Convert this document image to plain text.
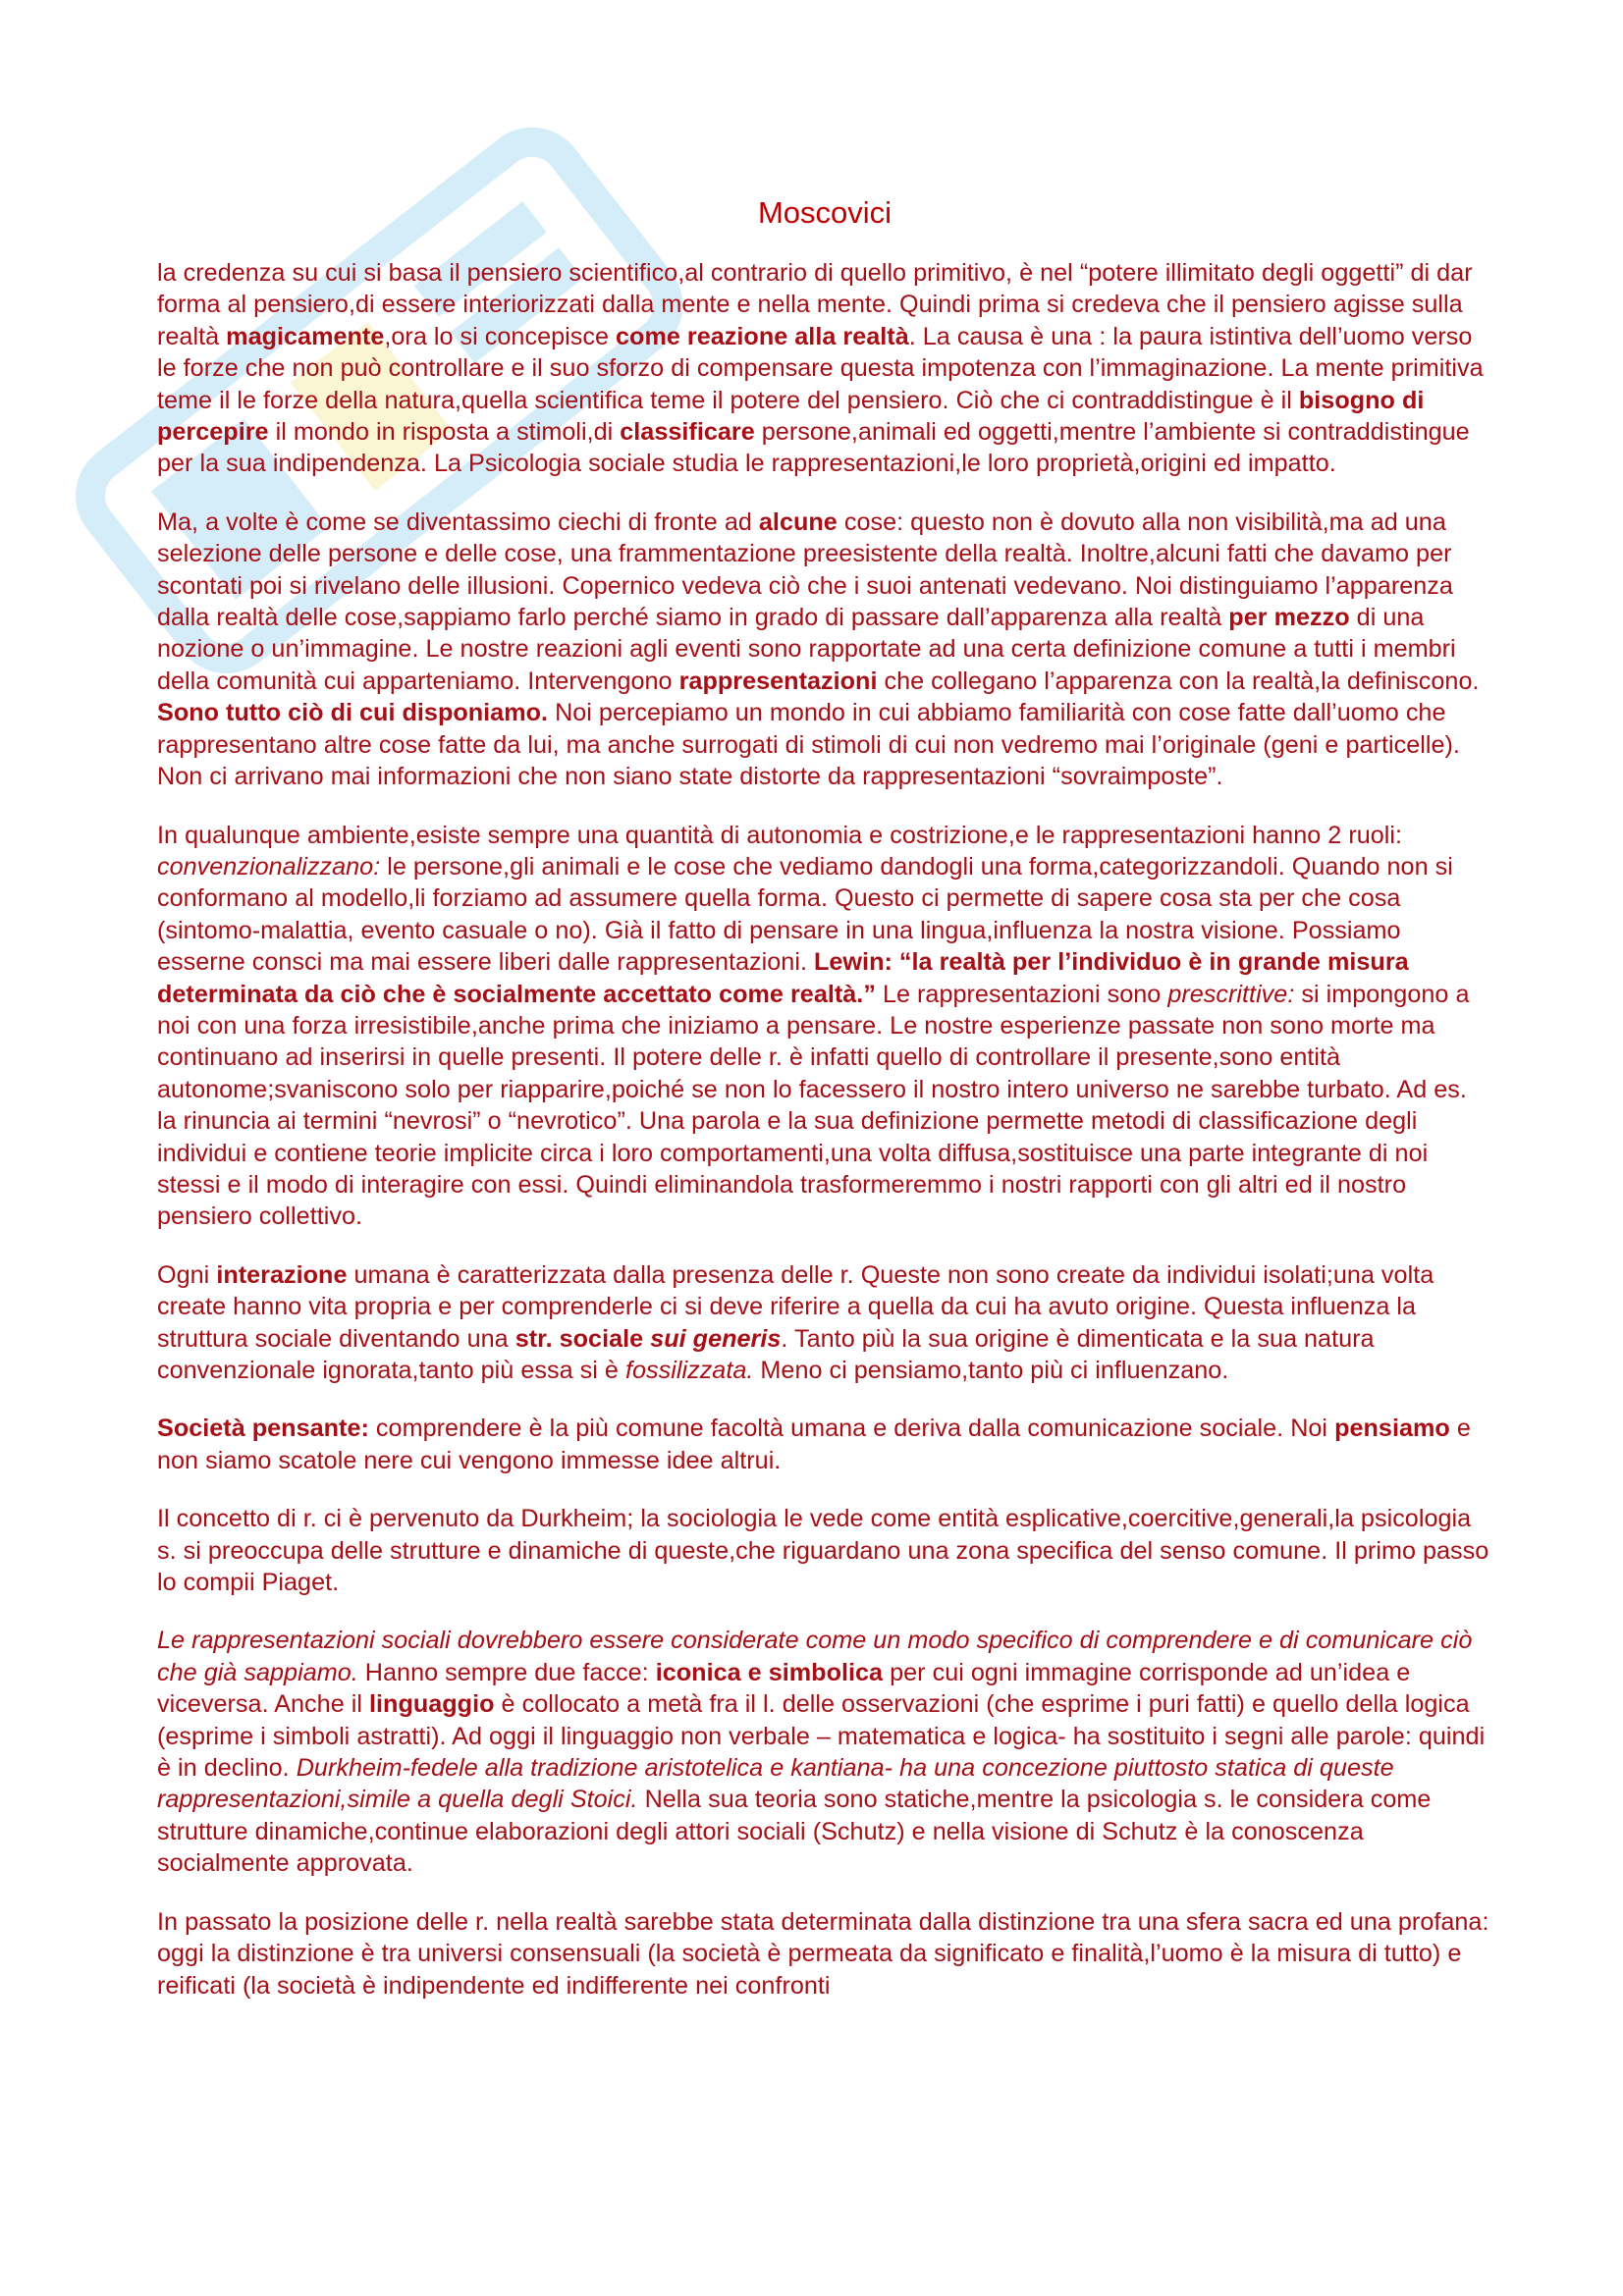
Moscovici

la credenza su cui si basa il pensiero scientifico,al contrario di quello primitivo, è nel “potere illimitato degli oggetti” di dar forma al pensiero,di essere interiorizzati dalla mente e nella mente. Quindi prima si credeva che il pensiero agisse sulla realtà magicamente,ora lo si concepisce come reazione alla realtà. La causa è una : la paura istintiva dell’uomo verso le forze che non può controllare e il suo sforzo di compensare questa impotenza con l’immaginazione. La mente primitiva teme il le forze della natura,quella scientifica teme il potere del pensiero. Ciò che ci contraddistingue è il bisogno di percepire il mondo in risposta a stimoli,di classificare persone,animali ed oggetti,mentre l’ambiente si contraddistingue per la sua indipendenza. La Psicologia sociale studia le rappresentazioni,le loro proprietà,origini ed impatto.

Ma, a volte è come se diventassimo ciechi di fronte ad alcune cose: questo non è dovuto alla non visibilità,ma ad una selezione delle persone e delle cose, una frammentazione preesistente della realtà. Inoltre,alcuni fatti che davamo per scontati poi si rivelano delle illusioni. Copernico vedeva ciò che i suoi antenati vedevano. Noi distinguiamo l’apparenza dalla realtà delle cose,sappiamo farlo perché siamo in grado di passare dall’apparenza alla realtà per mezzo di una nozione o un’immagine. Le nostre reazioni agli eventi sono rapportate ad una certa definizione comune a tutti i membri della comunità cui apparteniamo. Intervengono rappresentazioni che collegano l’apparenza con la realtà,la definiscono. Sono tutto ciò di cui disponiamo. Noi percepiamo un mondo in cui abbiamo familiarità con cose fatte dall’uomo che rappresentano altre cose fatte da lui, ma anche surrogati di stimoli di cui non vedremo mai l’originale (geni e particelle). Non ci arrivano mai informazioni che non siano state distorte da rappresentazioni “sovraimposte”.

In qualunque ambiente,esiste sempre una quantità di autonomia e costrizione,e le rappresentazioni hanno 2 ruoli: convenzionalizzano: le persone,gli animali e le cose che vediamo dandogli una forma,categorizzandoli. Quando non si conformano al modello,li forziamo ad assumere quella forma. Questo ci permette di sapere cosa sta per che cosa (sintomo-malattia, evento casuale o no). Già il fatto di pensare in una lingua,influenza la nostra visione. Possiamo esserne consci ma mai essere liberi dalle rappresentazioni. Lewin: “la realtà per l’individuo è in grande misura determinata da ciò che è socialmente accettato come realtà.” Le rappresentazioni sono prescrittive: si impongono a noi con una forza irresistibile,anche prima che iniziamo a pensare. Le nostre esperienze passate non sono morte ma continuano ad inserirsi in quelle presenti. Il potere delle r. è infatti quello di controllare il presente,sono entità autonome;svaniscono solo per riapparire,poiché se non lo facessero il nostro intero universo ne sarebbe turbato. Ad es. la rinuncia ai termini “nevrosi” o “nevrotico”. Una parola e la sua definizione permette metodi di classificazione degli individui e contiene teorie implicite circa i loro comportamenti,una volta diffusa,sostituisce una parte integrante di noi stessi e il modo di interagire con essi. Quindi eliminandola trasformeremmo i nostri rapporti con gli altri ed il nostro pensiero collettivo.

Ogni interazione umana è caratterizzata dalla presenza delle r. Queste non sono create da individui isolati;una volta create hanno vita propria e per comprenderle ci si deve riferire a quella da cui ha avuto origine. Questa influenza la struttura sociale diventando una str. sociale sui generis. Tanto più la sua origine è dimenticata e la sua natura convenzionale ignorata,tanto più essa si è fossilizzata. Meno ci pensiamo,tanto più ci influenzano.

Società pensante: comprendere è la più comune facoltà umana e deriva dalla comunicazione sociale. Noi pensiamo e non siamo scatole nere cui vengono immesse idee altrui.

Il concetto di r. ci è pervenuto da Durkheim; la sociologia le vede come entità esplicative,coercitive,generali,la psicologia s. si preoccupa delle strutture e dinamiche di queste,che riguardano una zona specifica del senso comune. Il primo passo lo compii Piaget.

Le rappresentazioni sociali dovrebbero essere considerate come un modo specifico di comprendere e di comunicare ciò che già sappiamo. Hanno sempre due facce: iconica e simbolica per cui ogni immagine corrisponde ad un’idea e viceversa. Anche il linguaggio è collocato a metà fra il l. delle osservazioni (che esprime i puri fatti) e quello della logica (esprime i simboli astratti). Ad oggi il linguaggio non verbale – matematica e logica- ha sostituito i segni alle parole: quindi è in declino. Durkheim-fedele alla tradizione aristotelica e kantiana- ha una concezione piuttosto statica di queste rappresentazioni,simile a quella degli Stoici. Nella sua teoria sono statiche,mentre la psicologia s. le considera come strutture dinamiche,continue elaborazioni degli attori sociali (Schutz) e nella visione di Schutz è la conoscenza socialmente approvata.

In passato la posizione delle r. nella realtà sarebbe stata determinata dalla distinzione tra una sfera sacra ed una profana: oggi la distinzione è tra universi consensuali (la società è permeata da significato e finalità,l’uomo è la misura di tutto) e reificati (la società è indipendente ed indifferente nei confronti
